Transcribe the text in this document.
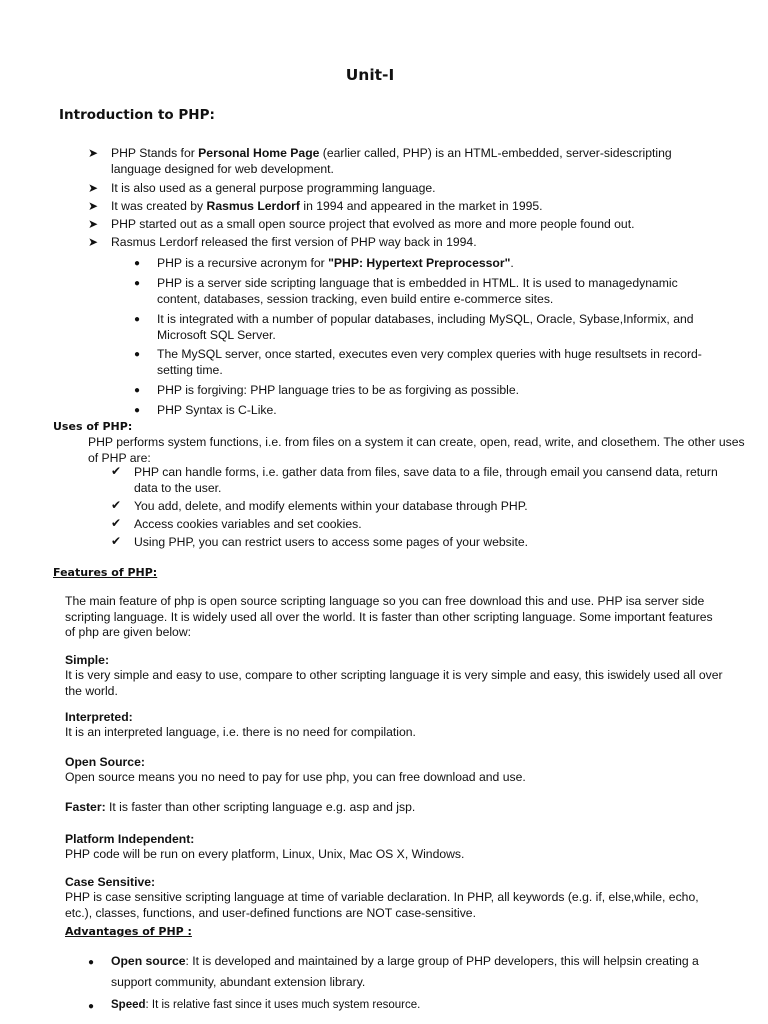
Unit-I
Introduction to PHP:
➤ PHP Stands for Personal Home Page (earlier called, PHP) is an HTML-embedded, server-sidescripting language designed for web development.
➤ It is also used as a general purpose programming language.
➤ It was created by Rasmus Lerdorf in 1994 and appeared in the market in 1995.
➤ PHP started out as a small open source project that evolved as more and more people found out.
➤ Rasmus Lerdorf released the first version of PHP way back in 1994.
● PHP is a recursive acronym for "PHP: Hypertext Preprocessor".
● PHP is a server side scripting language that is embedded in HTML. It is used to managedynamic content, databases, session tracking, even build entire e-commerce sites.
● It is integrated with a number of popular databases, including MySQL, Oracle, Sybase,Informix, and Microsoft SQL Server.
● The MySQL server, once started, executes even very complex queries with huge resultsets in record-setting time.
● PHP is forgiving: PHP language tries to be as forgiving as possible.
● PHP Syntax is C-Like.
Uses of PHP:
PHP performs system functions, i.e. from files on a system it can create, open, read, write, and closethem. The other uses of PHP are:
✔ PHP can handle forms, i.e. gather data from files, save data to a file, through email you cansend data, return data to the user.
✔ You add, delete, and modify elements within your database through PHP.
✔ Access cookies variables and set cookies.
✔ Using PHP, you can restrict users to access some pages of your website.
Features of PHP:
The main feature of php is open source scripting language so you can free download this and use. PHP isa server side scripting language. It is widely used all over the world. It is faster than other scripting language. Some important features of php are given below:
Simple:
It is very simple and easy to use, compare to other scripting language it is very simple and easy, this iswidely used all over the world.
Interpreted:
It is an interpreted language, i.e. there is no need for compilation.
Open Source:
Open source means you no need to pay for use php, you can free download and use.
Faster: It is faster than other scripting language e.g. asp and jsp.
Platform Independent:
PHP code will be run on every platform, Linux, Unix, Mac OS X, Windows.
Case Sensitive:
PHP is case sensitive scripting language at time of variable declaration. In PHP, all keywords (e.g. if, else,while, echo, etc.), classes, functions, and user-defined functions are NOT case-sensitive.
Advantages of PHP :
● Open source: It is developed and maintained by a large group of PHP developers, this will helpsin creating a support community, abundant extension library.
● Speed: It is relative fast since it uses much system resource.
